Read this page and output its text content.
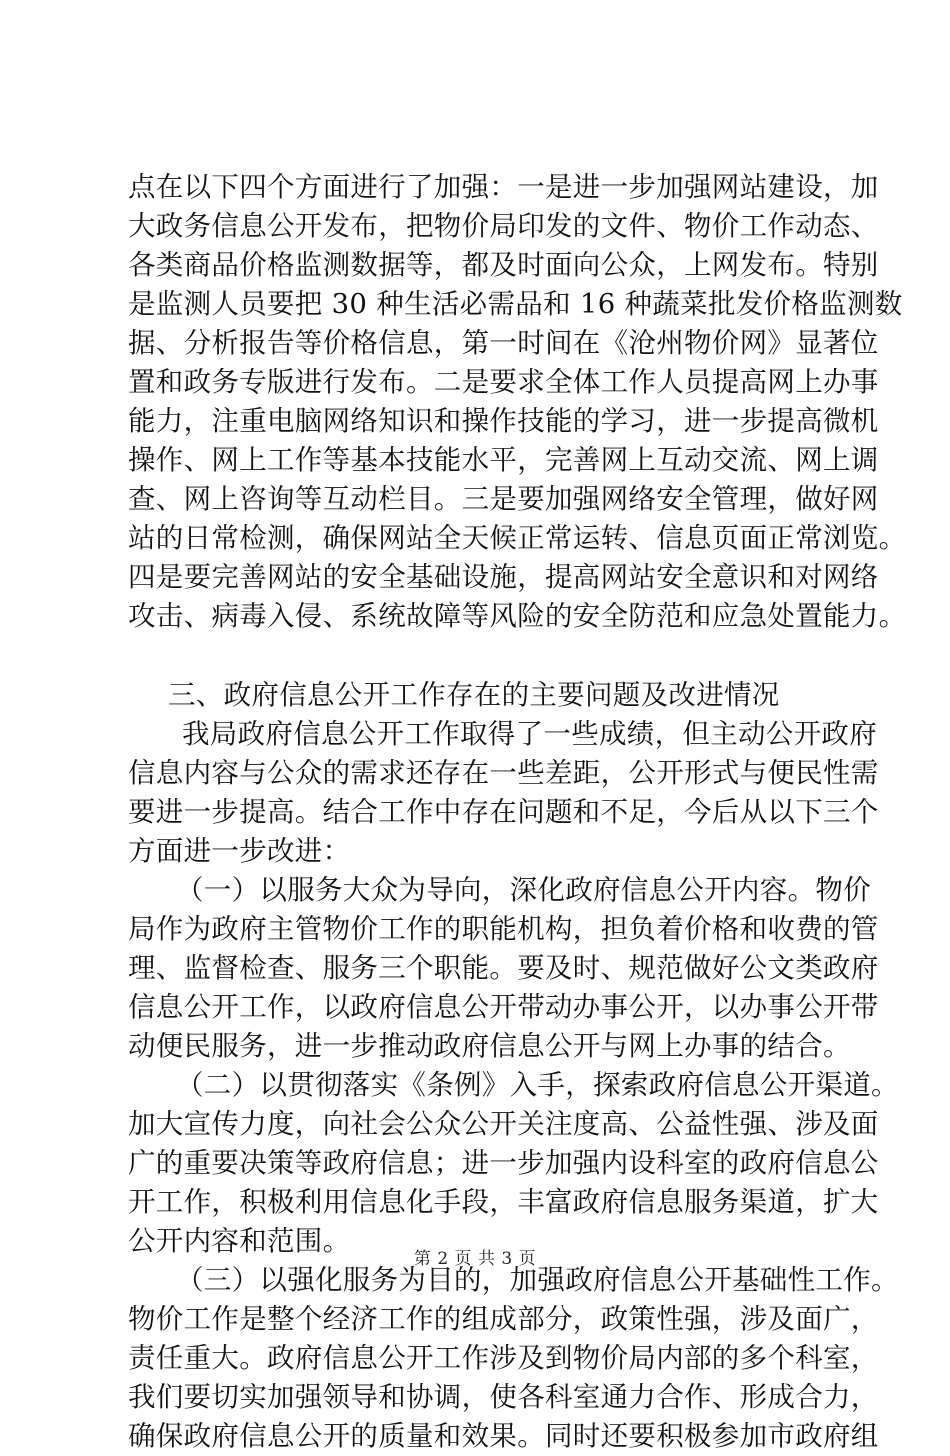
点在以下四个方面进行了加强：一是进一步加强网站建设，加
大政务信息公开发布，把物价局印发的文件、物价工作动态、
各类商品价格监测数据等，都及时面向公众，上网发布。特别
是监测人员要把 30 种生活必需品和 16 种蔬菜批发价格监测数
据、分析报告等价格信息，第一时间在《沧州物价网》显著位
置和政务专版进行发布。二是要求全体工作人员提高网上办事
能力，注重电脑网络知识和操作技能的学习，进一步提高微机
操作、网上工作等基本技能水平，完善网上互动交流、网上调
查、网上咨询等互动栏目。三是要加强网络安全管理，做好网
站的日常检测，确保网站全天候正常运转、信息页面正常浏览。
四是要完善网站的安全基础设施，提高网站安全意识和对网络
攻击、病毒入侵、系统故障等风险的安全防范和应急处置能力。
三、政府信息公开工作存在的主要问题及改进情况
我局政府信息公开工作取得了一些成绩，但主动公开政府
信息内容与公众的需求还存在一些差距，公开形式与便民性需
要进一步提高。结合工作中存在问题和不足，今后从以下三个
方面进一步改进：
（一）以服务大众为导向，深化政府信息公开内容。物价
局作为政府主管物价工作的职能机构，担负着价格和收费的管
理、监督检查、服务三个职能。要及时、规范做好公文类政府
信息公开工作，以政府信息公开带动办事公开，以办事公开带
动便民服务，进一步推动政府信息公开与网上办事的结合。
（二）以贯彻落实《条例》入手，探索政府信息公开渠道。
加大宣传力度，向社会公众公开关注度高、公益性强、涉及面
广的重要决策等政府信息；进一步加强内设科室的政府信息公
开工作，积极利用信息化手段，丰富政府信息服务渠道，扩大
公开内容和范围。
（三）以强化服务为目的，加强政府信息公开基础性工作。
物价工作是整个经济工作的组成部分，政策性强，涉及面广，
责任重大。政府信息公开工作涉及到物价局内部的多个科室，
我们要切实加强领导和协调，使各科室通力合作、形成合力，
确保政府信息公开的质量和效果。同时还要积极参加市政府组
第 2 页 共 3 页
